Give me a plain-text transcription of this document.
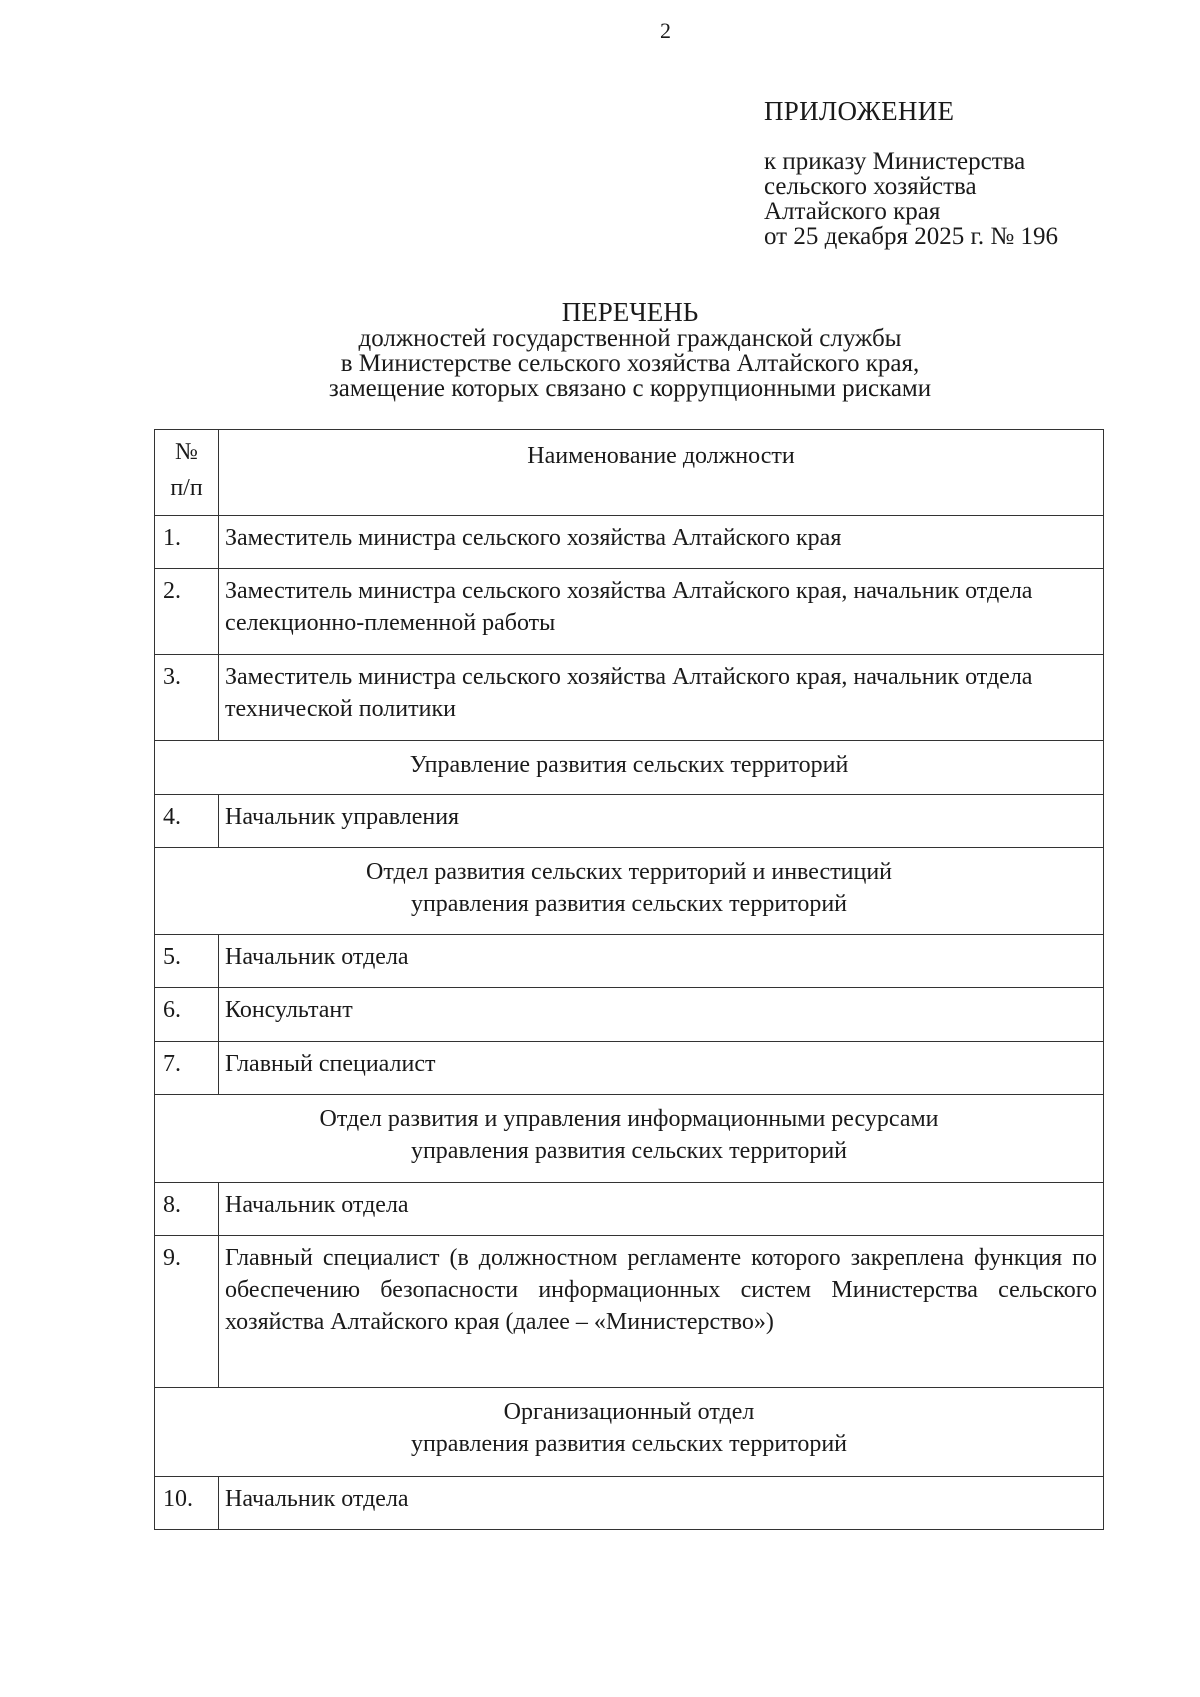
2
ПРИЛОЖЕНИЕ
к приказу Министерства
сельского хозяйства
Алтайского края
от 25 декабря 2025 г. № 196
ПЕРЕЧЕНЬ
должностей государственной гражданской службы
в Министерстве сельского хозяйства Алтайского края,
замещение которых связано с коррупционными рисками
№
п/п	Наименование должности
1.	Заместитель министра сельского хозяйства Алтайского края
2.	Заместитель министра сельского хозяйства Алтайского края, начальник отдела селекционно-племенной работы
3.	Заместитель министра сельского хозяйства Алтайского края, начальник отдела технической политики

Управление развития сельских территорий	

4.	Начальник управления

Отдел развития сельских территорий и инвестиций
управления развития сельских территорий	

5.	Начальник отдела
6.	Консультант
7.	Главный специалист

Отдел развития и управления информационными ресурсами
управления развития сельских территорий	

8.	Начальник отдела
9.	Главный специалист (в должностном регламенте которого закреплена функция по обеспечению безопасности информационных систем Министерства сельского хозяйства Алтайского края (далее – «Министерство»)

Организационный отдел
управления развития сельских территорий	

10.	Начальник отдела
